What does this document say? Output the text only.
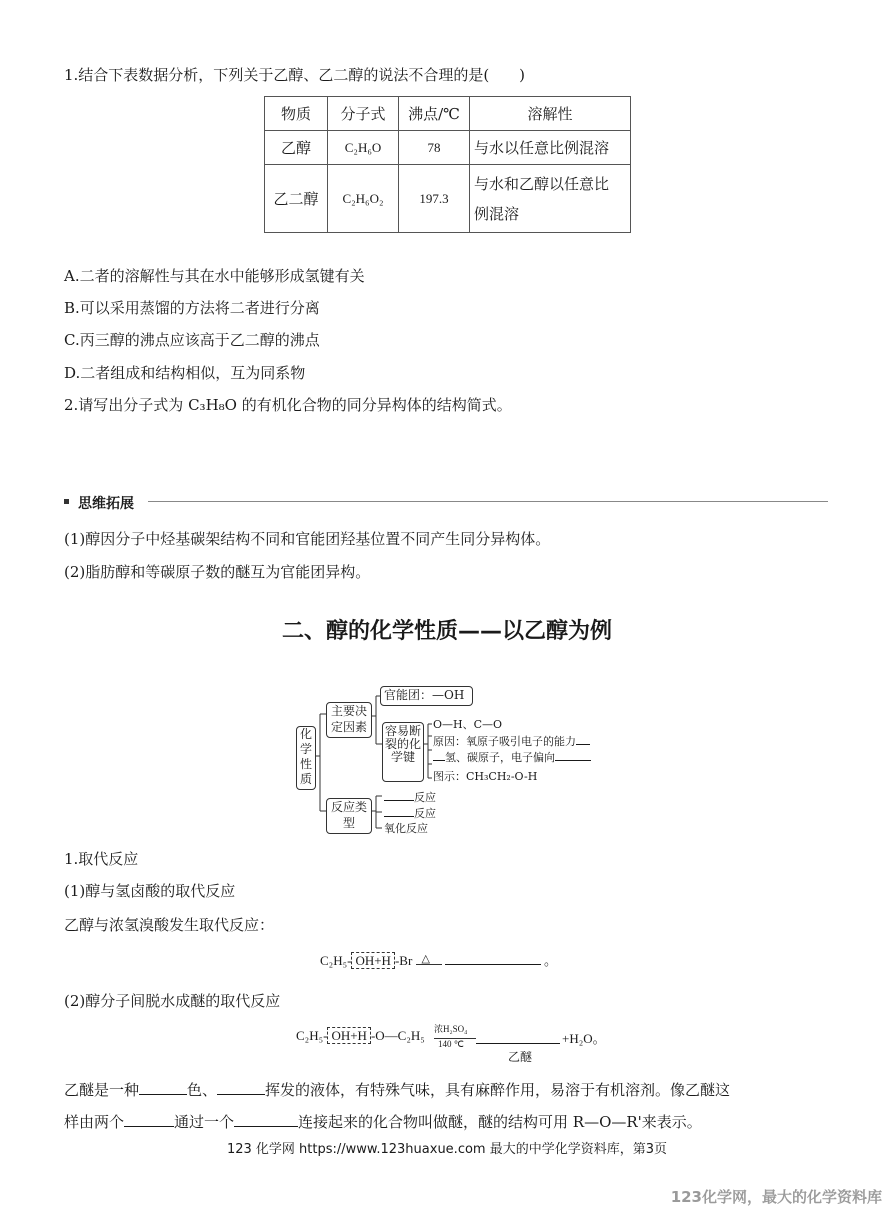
1.结合下表数据分析，下列关于乙醇、乙二醇的说法不合理的是(　　)
物质	分子式	沸点/℃	溶解性
乙醇	C₂H₆O	78	与水以任意比例混溶
乙二醇	C₂H₆O₂	197.3	与水和乙醇以任意比
例混溶
A.二者的溶解性与其在水中能够形成氢键有关
B.可以采用蒸馏的方法将二者进行分离
C.丙三醇的沸点应该高于乙二醇的沸点
D.二者组成和结构相似，互为同系物
2.请写出分子式为 C₃H₈O 的有机化合物的同分异构体的结构简式。
思维拓展
(1)醇因分子中烃基碳架结构不同和官能团羟基位置不同产生同分异构体。
(2)脂肪醇和等碳原子数的醚互为官能团异构。
二、醇的化学性质——以乙醇为例
化学性质
主要决定因素
官能团：—OH
容易断裂的化学键
O—H、C—O
原因：氧原子吸引电子的能力
氢、碳原子，电子偏向
图示：CH₃CH₂-O-H
反应类型
反应
反应
氧化反应
1.取代反应
(1)醇与氢卤酸的取代反应
乙醇与浓氢溴酸发生取代反应：
C₂H₅- OH+H -Br △	。
(2)醇分子间脱水成醚的取代反应
C₂H₅- OH+H -O—C₂H₅ 浓H₂SO₄
140 ℃
乙醚
+H₂O。
乙醚是一种	色、	挥发的液体，有特殊气味，具有麻醉作用，易溶于有机溶剂。像乙醚这
样由两个	通过一个	连接起来的化合物叫做醚，醚的结构可用 R—O—R'来表示。
123 化学网 https://www.123huaxue.com 最大的中学化学资料库，第3页
123化学网，最大的化学资料库
